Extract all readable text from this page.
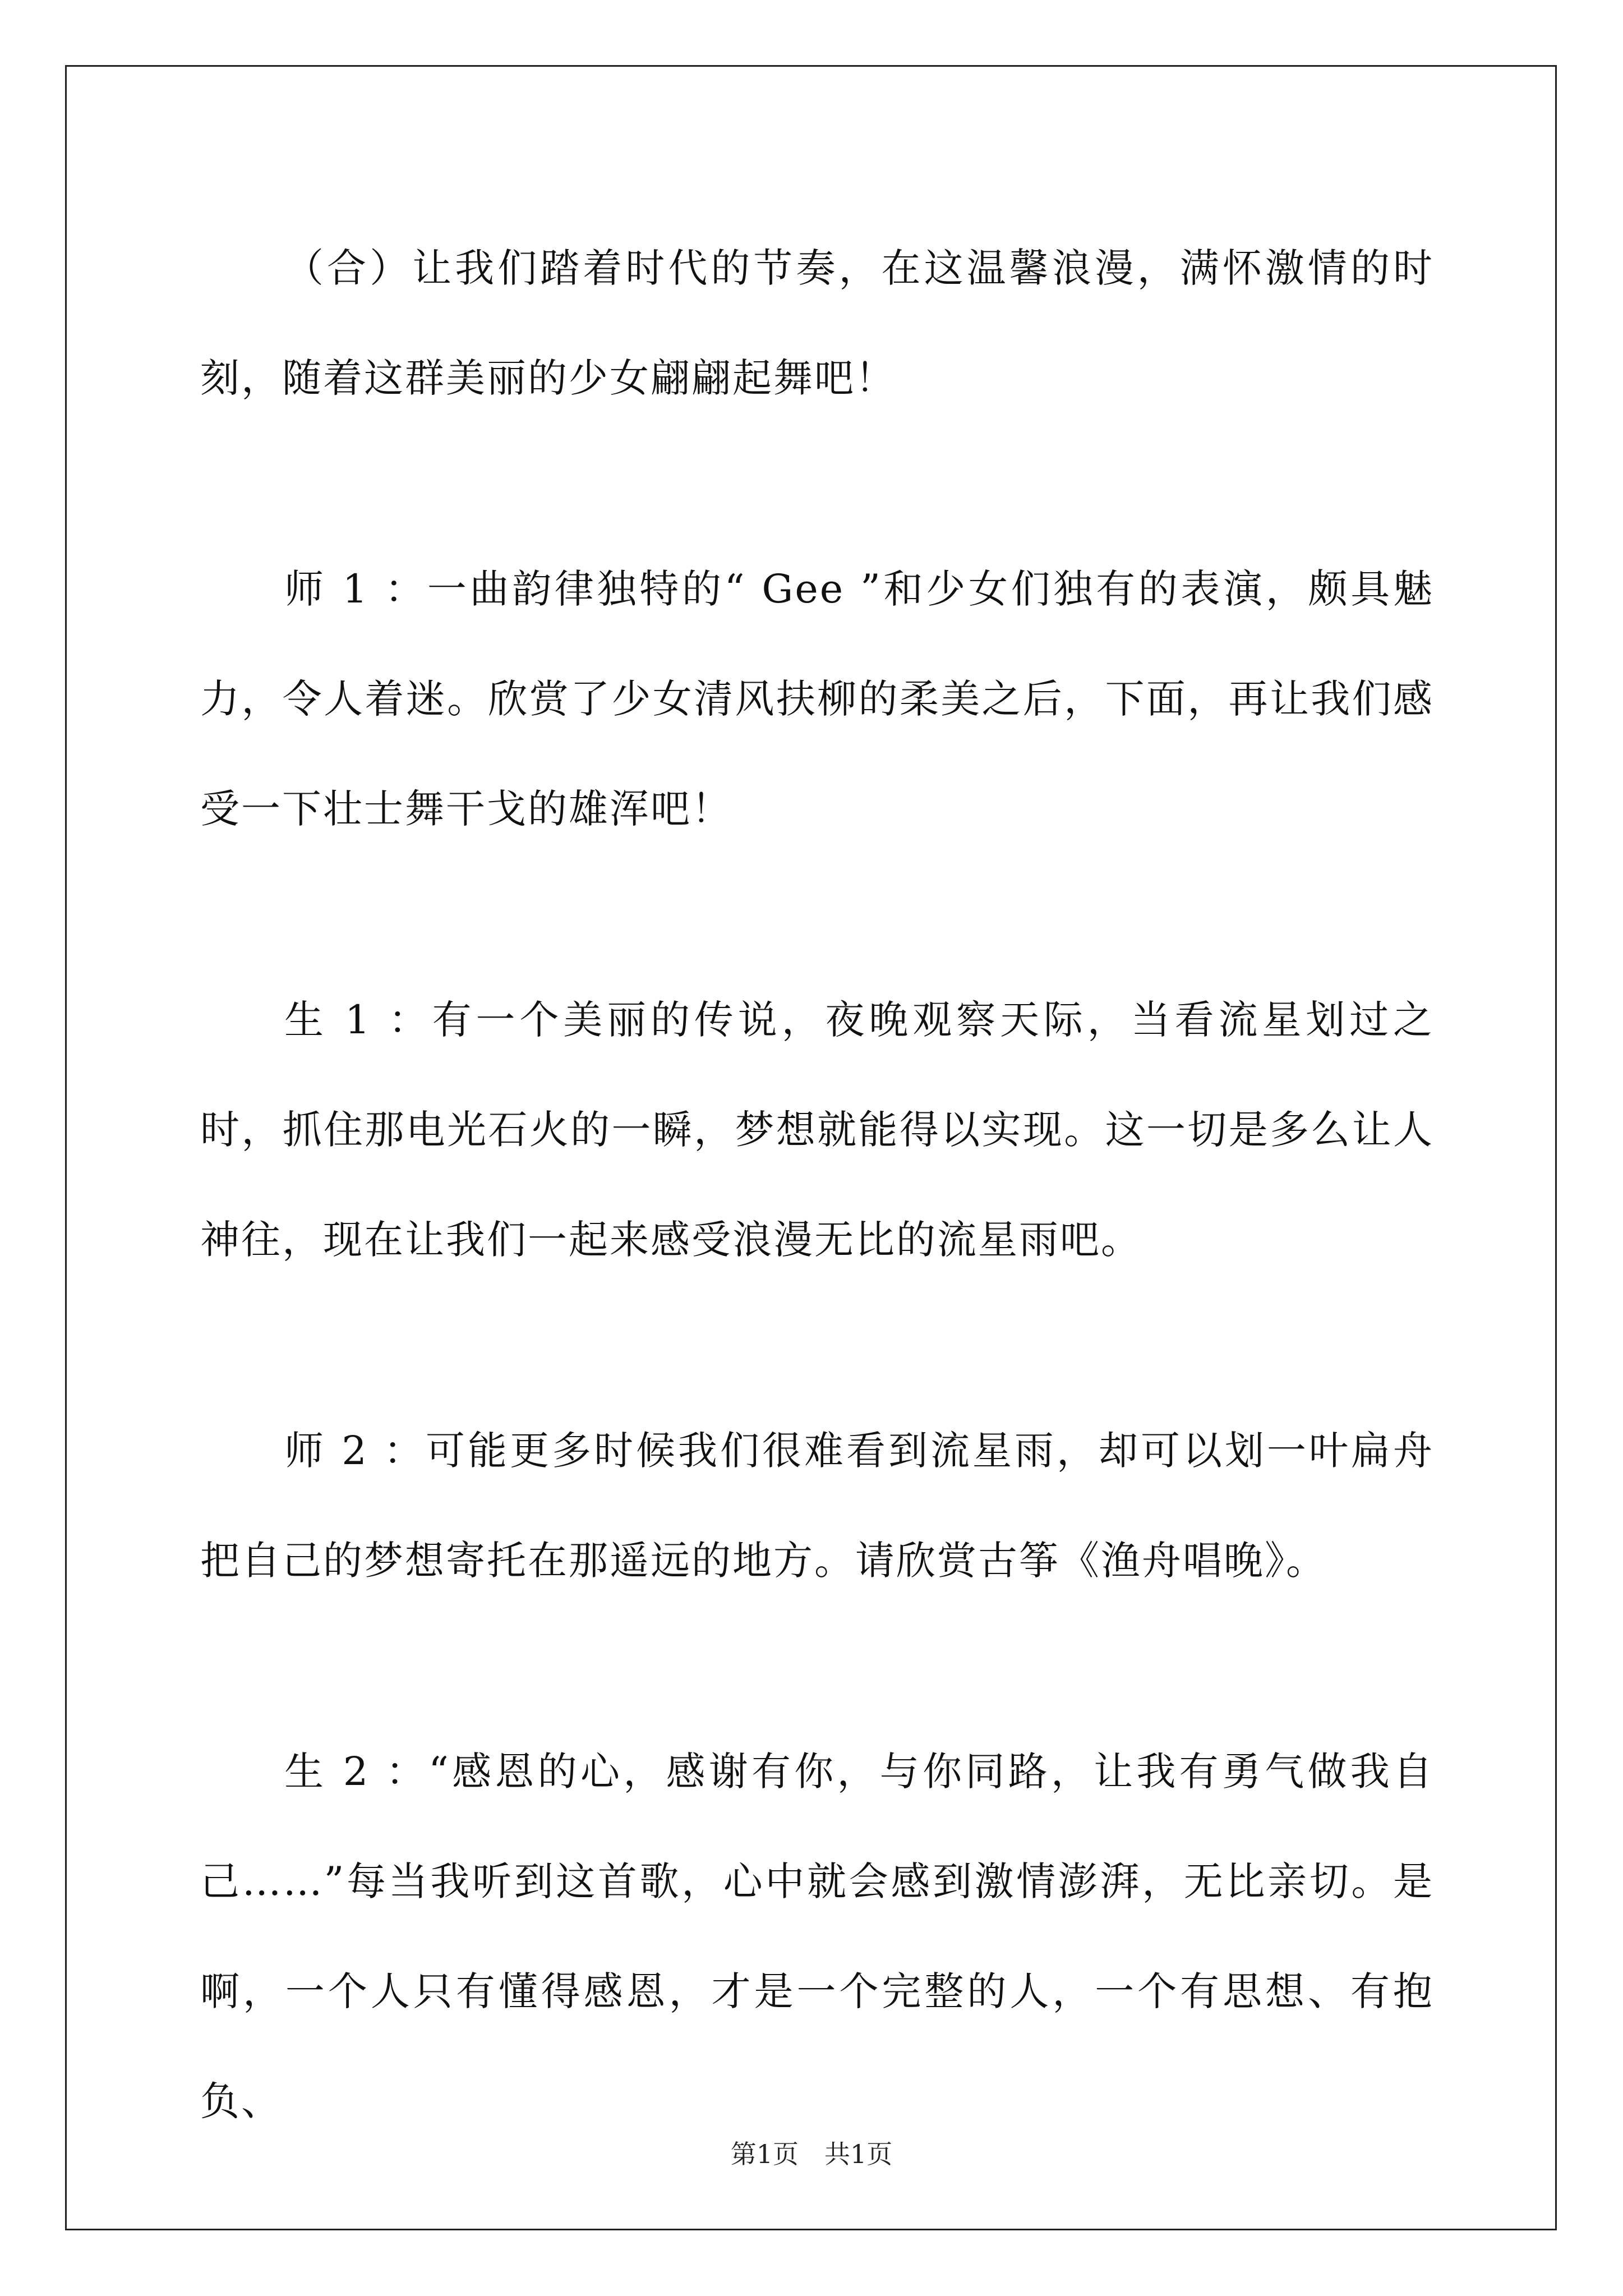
（合）让我们踏着时代的节奏，在这温馨浪漫，满怀激情的时刻，随着这群美丽的少女翩翩起舞吧！

师 1 ：一曲韵律独特的“ Gee ”和少女们独有的表演，颇具魅力，令人着迷。欣赏了少女清风扶柳的柔美之后，下面，再让我们感受一下壮士舞干戈的雄浑吧！

生 1 ：有一个美丽的传说，夜晚观察天际，当看流星划过之时，抓住那电光石火的一瞬，梦想就能得以实现。这一切是多么让人神往，现在让我们一起来感受浪漫无比的流星雨吧。

师 2 ：可能更多时候我们很难看到流星雨，却可以划一叶扁舟把自己的梦想寄托在那遥远的地方。请欣赏古筝《渔舟唱晚》。

生 2 ：“感恩的心，感谢有你，与你同路，让我有勇气做我自己……”每当我听到这首歌，心中就会感到激情澎湃，无比亲切。是啊，一个人只有懂得感恩，才是一个完整的人，一个有思想、有抱负、

第1页　共1页
